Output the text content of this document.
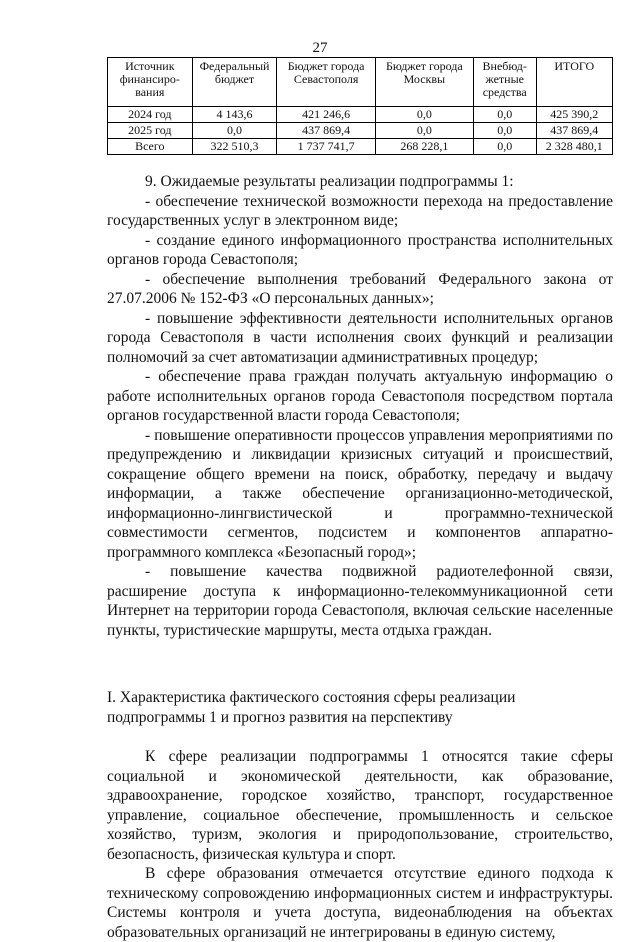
27
Источник финансиро-вания	Федеральный бюджет	Бюджет города Севастополя	Бюджет города Москвы	Внебюд-жетные средства	ИТОГО
2024 год	4 143,6	421 246,6	0,0	0,0	425 390,2
2025 год	0,0	437 869,4	0,0	0,0	437 869,4
Всего	322 510,3	1 737 741,7	268 228,1	0,0	2 328 480,1

9. Ожидаемые результаты реализации подпрограммы 1:

- обеспечение технической возможности перехода на предоставление государственных услуг в электронном виде;

- создание единого информационного пространства исполнительных органов города Севастополя;

- обеспечение выполнения требований Федерального закона от 27.07.2006 № 152-ФЗ «О персональных данных»;

- повышение эффективности деятельности исполнительных органов города Севастополя в части исполнения своих функций и реализации полномочий за счет автоматизации административных процедур;

- обеспечение права граждан получать актуальную информацию о работе исполнительных органов города Севастополя посредством портала органов государственной власти города Севастополя;

- повышение оперативности процессов управления мероприятиями по предупреждению и ликвидации кризисных ситуаций и происшествий, сокращение общего времени на поиск, обработку, передачу и выдачу информации, а также обеспечение организационно-методической, информационно-лингвистической и программно-технической совместимости сегментов, подсистем и компонентов аппаратно-программного комплекса «Безопасный город»;

- повышение качества подвижной радиотелефонной связи, расширение доступа к информационно-телекоммуникационной сети Интернет на территории города Севастополя, включая сельские населенные пункты, туристические маршруты, места отдыха граждан.

I. Характеристика фактического состояния сферы реализации
подпрограммы 1 и прогноз развития на перспективу

К сфере реализации подпрограммы 1 относятся такие сферы социальной и экономической деятельности, как образование, здравоохранение, городское хозяйство, транспорт, государственное управление, социальное обеспечение, промышленность и сельское хозяйство, туризм, экология и природопользование, строительство, безопасность, физическая культура и спорт.

В сфере образования отмечается отсутствие единого подхода к техническому сопровождению информационных систем и инфраструктуры. Системы контроля и учета доступа, видеонаблюдения на объектах образовательных организаций не интегрированы в единую систему,
